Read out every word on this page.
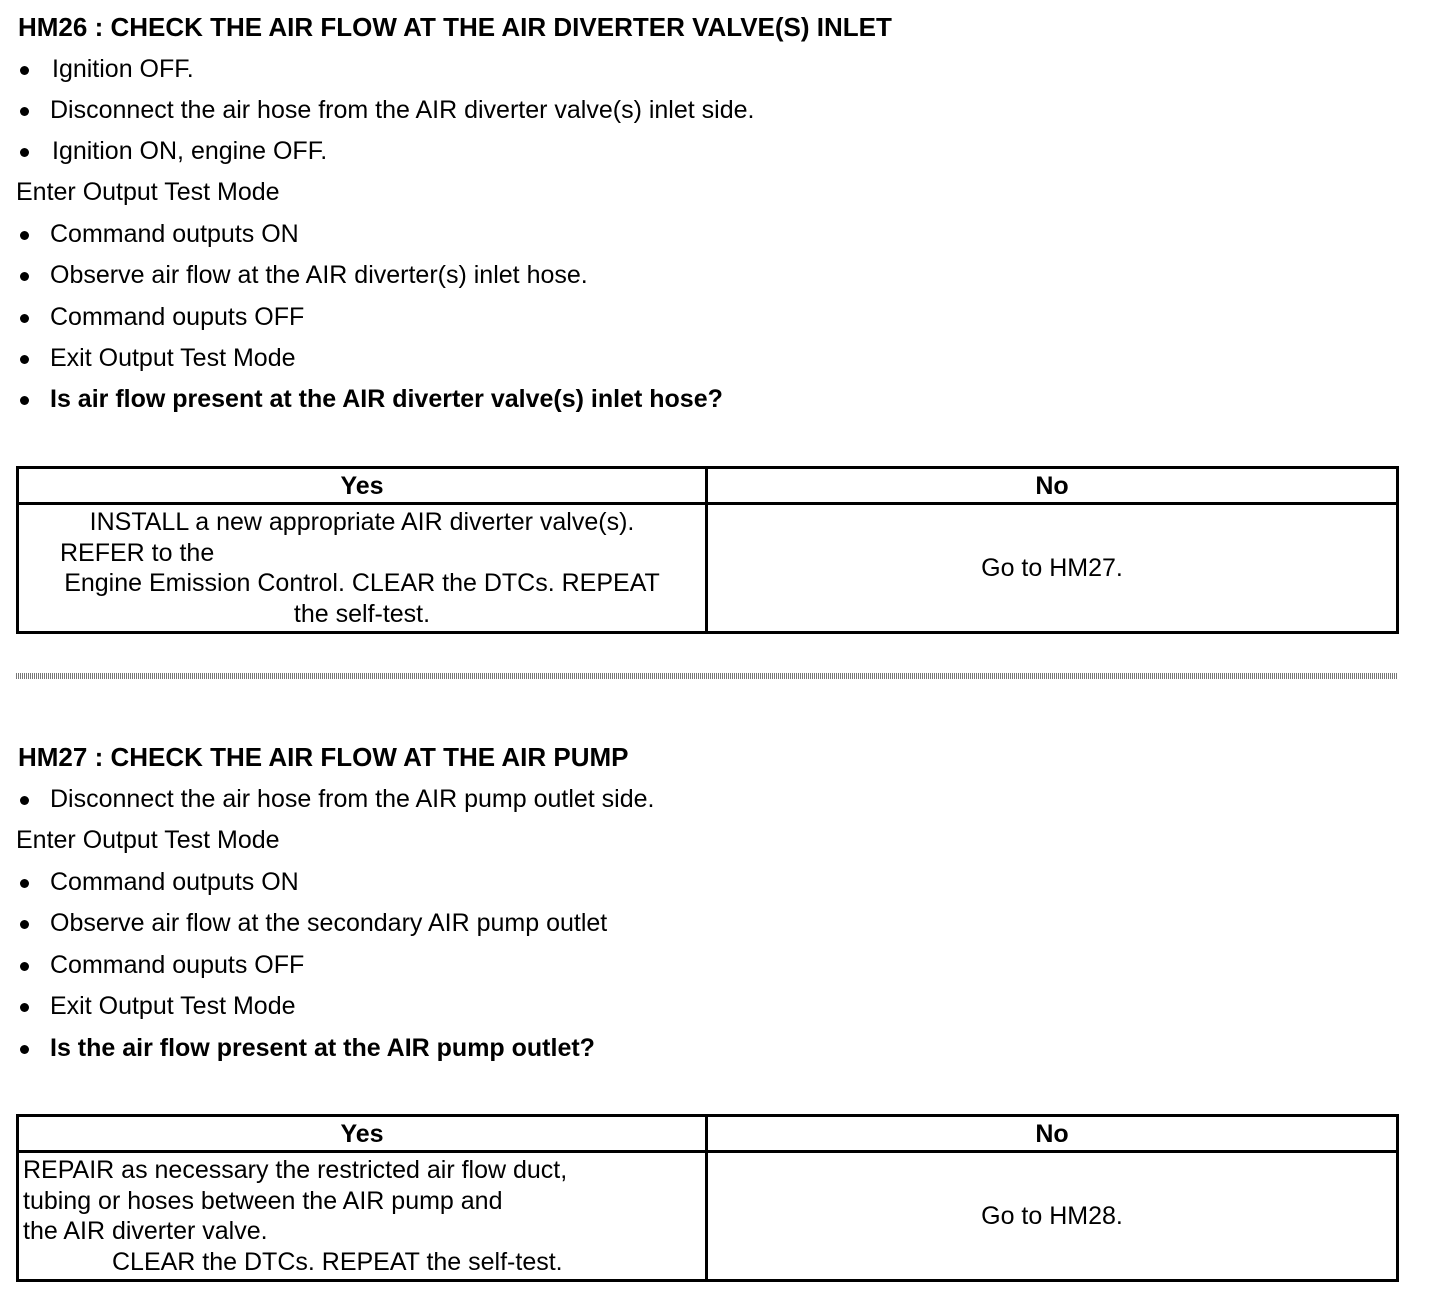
HM26 : CHECK THE AIR FLOW AT THE AIR DIVERTER VALVE(S) INLET
Ignition OFF.
Disconnect the air hose from the AIR diverter valve(s) inlet side.
Ignition ON, engine OFF.
Enter Output Test Mode
Command outputs ON
Observe air flow at the AIR diverter(s) inlet hose.
Command ouputs OFF
Exit Output Test Mode
Is air flow present at the AIR diverter valve(s) inlet hose?
Yes	No

INSTALL a new appropriate AIR diverter valve(s).
REFER to the
Engine Emission Control. CLEAR the DTCs. REPEAT
the self-test.	Go to HM27.
HM27 : CHECK THE AIR FLOW AT THE AIR PUMP
Disconnect the air hose from the AIR pump outlet side.
Enter Output Test Mode
Command outputs ON
Observe air flow at the secondary AIR pump outlet
Command ouputs OFF
Exit Output Test Mode
Is the air flow present at the AIR pump outlet?
Yes	No

REPAIR as necessary the restricted air flow duct,
tubing or hoses between the AIR pump and
the AIR diverter valve.
CLEAR the DTCs. REPEAT the self-test.	Go to HM28.
